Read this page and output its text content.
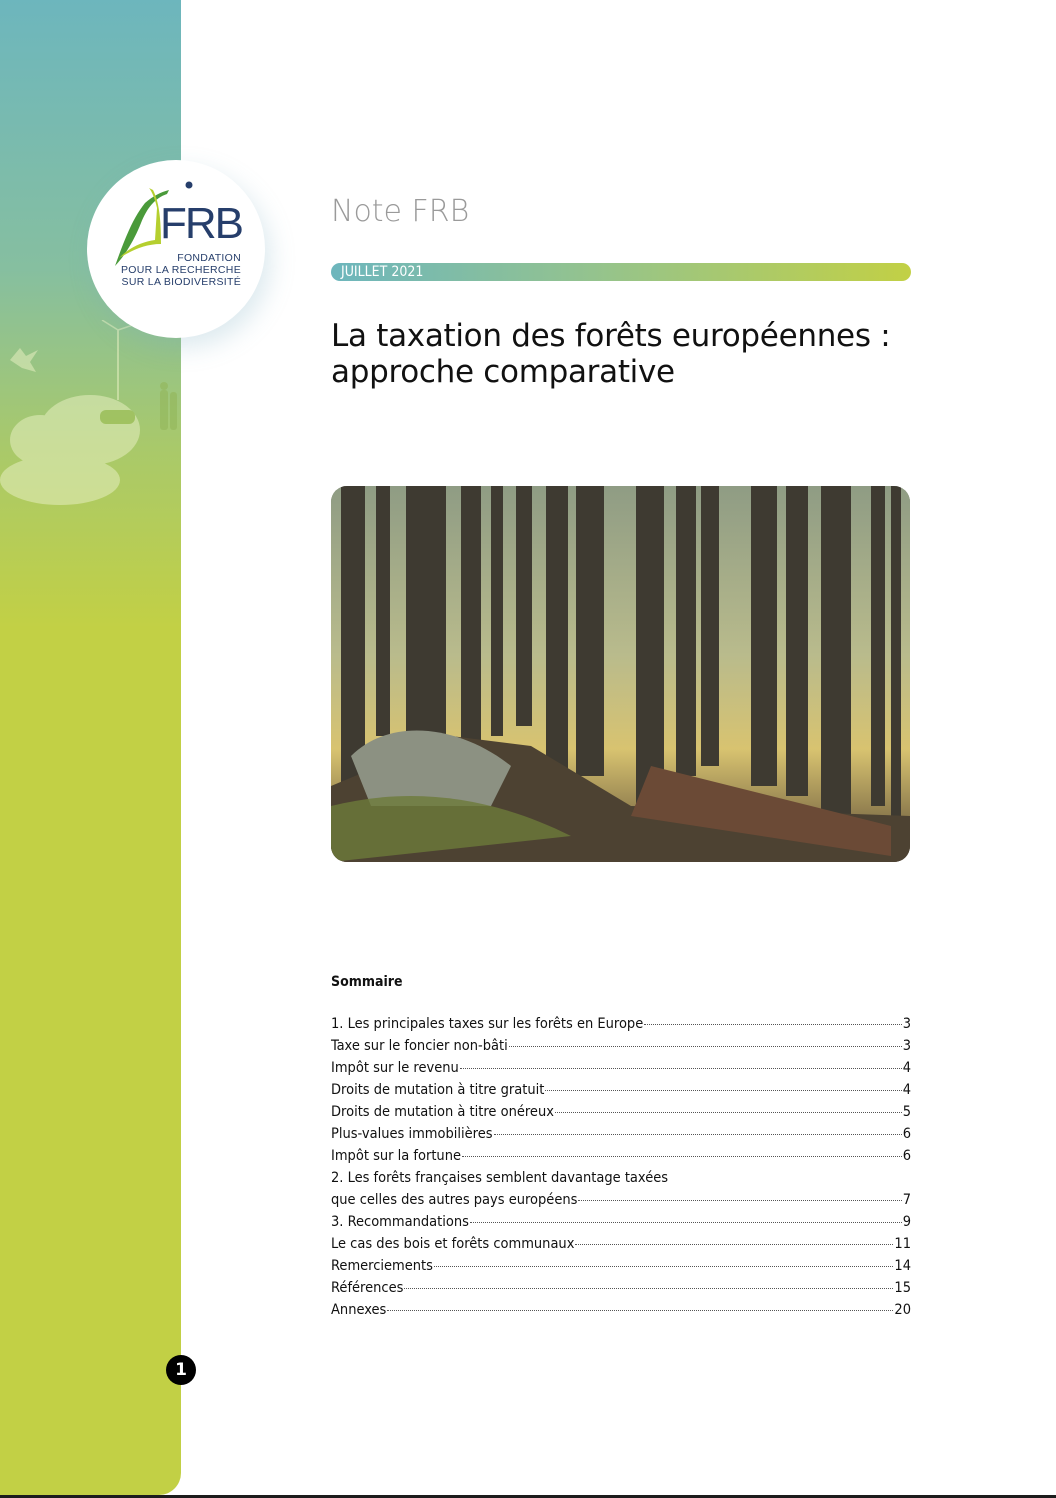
FRB
FONDATION
POUR LA RECHERCHE
SUR LA BIODIVERSITÉ
Note FRB
JUILLET 2021
La taxation des forêts européennes :
approche comparative
Sommaire
1. Les principales taxes sur les forêts en Europe	3
Taxe sur le foncier non-bâti	3
Impôt sur le revenu	4
Droits de mutation à titre gratuit	4
Droits de mutation à titre onéreux	5
Plus-values immobilières	6
Impôt sur la fortune	6
2. Les forêts françaises semblent davantage taxées
que celles des autres pays européens	7
3. Recommandations	9
Le cas des bois et forêts communaux	11
Remerciements	14
Références	15
Annexes	20
1
